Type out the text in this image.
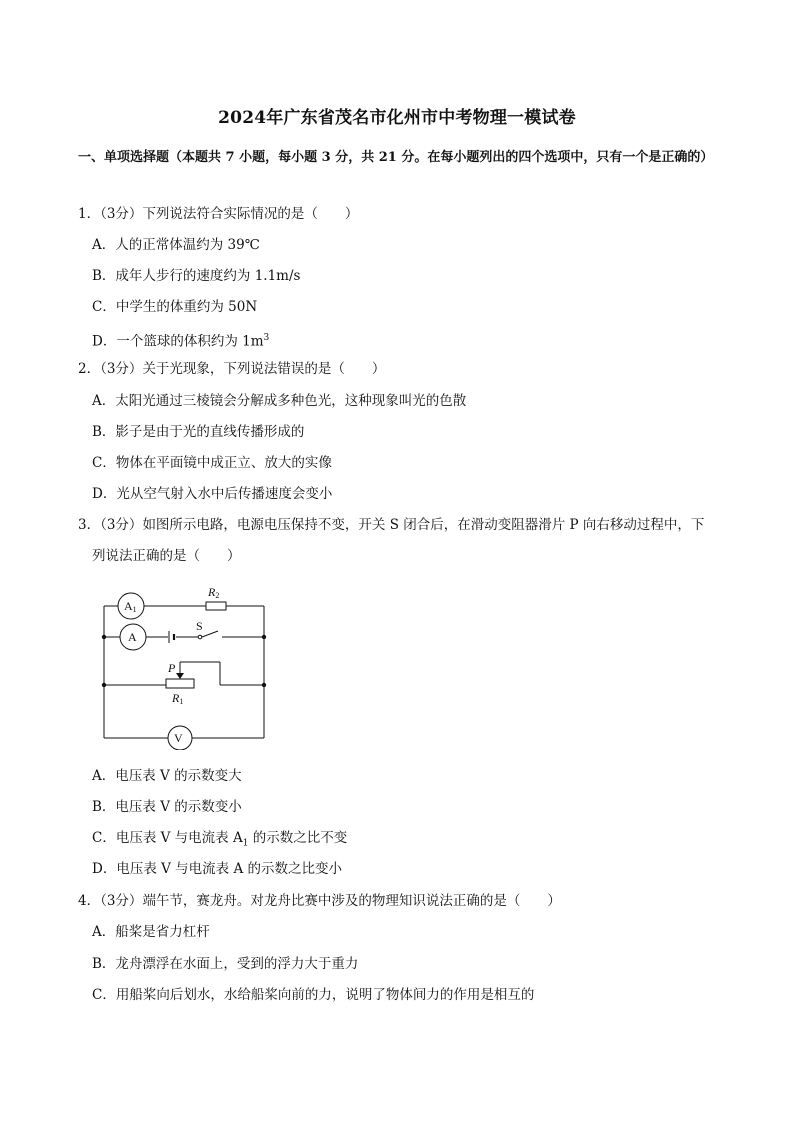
2024年广东省茂名市化州市中考物理一模试卷
一、单项选择题（本题共 7 小题，每小题 3 分，共 21 分。在每小题列出的四个选项中，只有一个是正确的）
1．（3分）下列说法符合实际情况的是（　　）
A．人的正常体温约为 39℃
B．成年人步行的速度约为 1.1m/s
C．中学生的体重约为 50N
D．一个篮球的体积约为 $1m^3$
2．（3分）关于光现象，下列说法错误的是（　　）
A．太阳光通过三棱镜会分解成多种色光，这种现象叫光的色散
B．影子是由于光的直线传播形成的
C．物体在平面镜中成正立、放大的实像
D．光从空气射入水中后传播速度会变小
3．（3分）如图所示电路，电源电压保持不变，开关 S 闭合后，在滑动变阻器滑片 P 向右移动过程中，下
列说法正确的是（　　）
A1
A
V
R2
S
P
R1
A．电压表 V 的示数变大
B．电压表 V 的示数变小
C．电压表 V 与电流表 $A_1$ 的示数之比不变
D．电压表 V 与电流表 A 的示数之比变小
4．（3分）端午节，赛龙舟。对龙舟比赛中涉及的物理知识说法正确的是（　　）
A．船桨是省力杠杆
B．龙舟漂浮在水面上，受到的浮力大于重力
C．用船桨向后划水，水给船桨向前的力，说明了物体间力的作用是相互的
